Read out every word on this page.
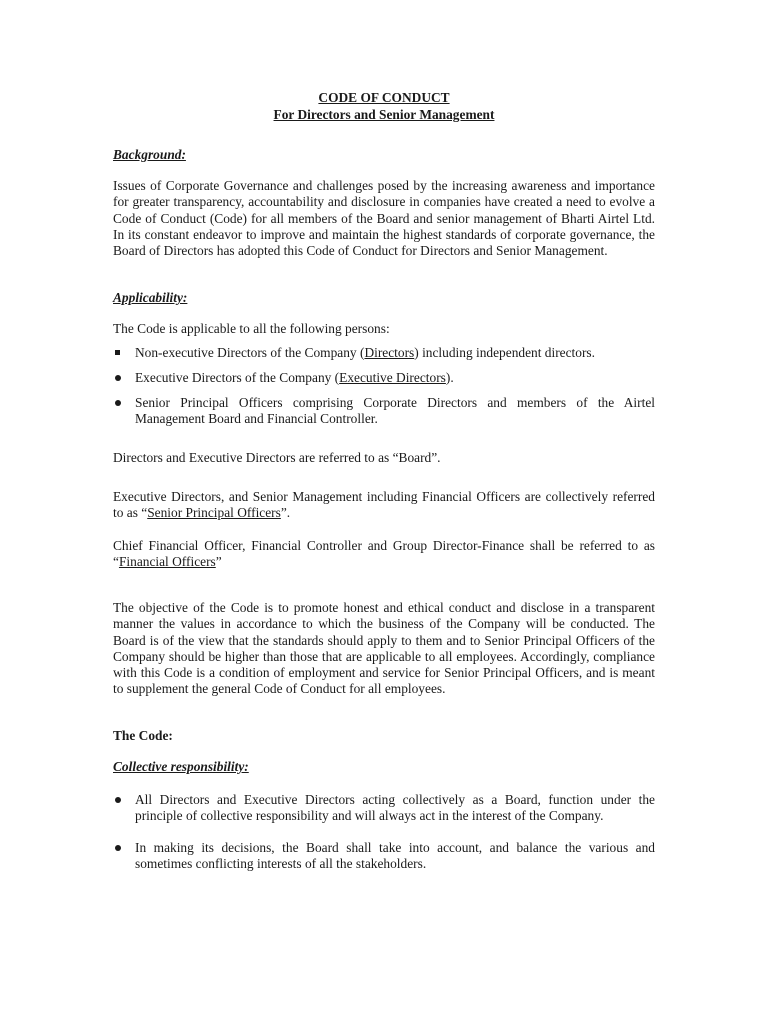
CODE OF CONDUCT
For Directors and Senior Management
Background:

Issues of Corporate Governance and challenges posed by the increasing awareness and importance for greater transparency, accountability and disclosure in companies have created a need to evolve a Code of Conduct (Code) for all members of the Board and senior management of Bharti Airtel Ltd. In its constant endeavor to improve and maintain the highest standards of corporate governance, the Board of Directors has adopted this Code of Conduct for Directors and Senior Management.

Applicability:

The Code is applicable to all the following persons:

Non-executive Directors of the Company (Directors) including independent directors.
Executive Directors of the Company (Executive Directors).
Senior Principal Officers comprising Corporate Directors and members of the Airtel Management Board and Financial Controller.

Directors and Executive Directors are referred to as “Board”.

Executive Directors, and Senior Management including Financial Officers are collectively referred to as “Senior Principal Officers”.

Chief Financial Officer, Financial Controller and Group Director-Finance shall be referred to as “Financial Officers”

The objective of the Code is to promote honest and ethical conduct and disclose in a transparent manner the values in accordance to which the business of the Company will be conducted. The Board is of the view that the standards should apply to them and to Senior Principal Officers of the Company should be higher than those that are applicable to all employees. Accordingly, compliance with this Code is a condition of employment and service for Senior Principal Officers, and is meant to supplement the general Code of Conduct for all employees.

The Code:
Collective responsibility:
All Directors and Executive Directors acting collectively as a Board, function under the principle of collective responsibility and will always act in the interest of the Company.
In making its decisions, the Board shall take into account, and balance the various and sometimes conflicting interests of all the stakeholders.
